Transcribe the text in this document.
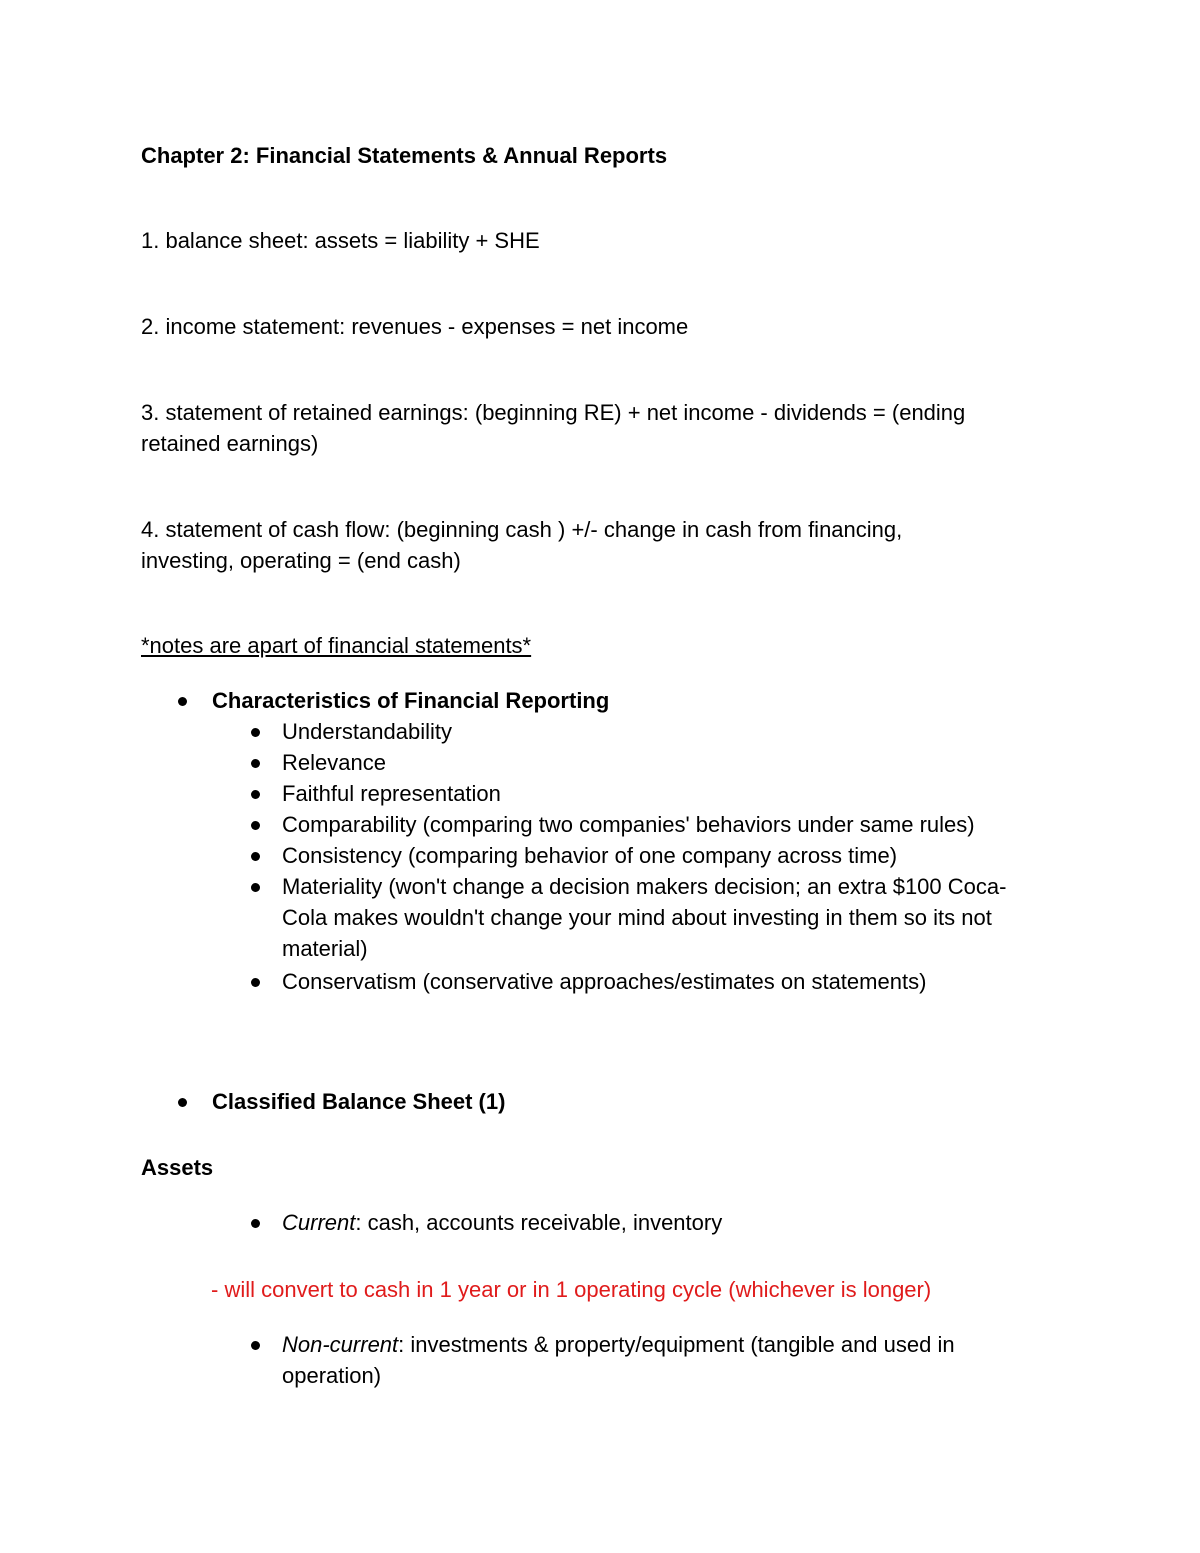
Chapter 2: Financial Statements & Annual Reports
1. balance sheet: assets = liability + SHE
2. income statement: revenues - expenses = net income
3. statement of retained earnings: (beginning RE) + net income - dividends = (ending retained earnings)
4. statement of cash flow: (beginning cash ) +/- change in cash from financing, investing, operating = (end cash)
*notes are apart of financial statements*
Characteristics of Financial Reporting
Understandability
Relevance
Faithful representation
Comparability (comparing two companies' behaviors under same rules)
Consistency (comparing behavior of one company across time)
Materiality (won't change a decision makers decision; an extra $100 Coca-Cola makes wouldn't change your mind about investing in them so its not material)
Conservatism (conservative approaches/estimates on statements)
Classified Balance Sheet (1)
Assets
Current: cash, accounts receivable, inventory
- will convert to cash in 1 year or in 1 operating cycle (whichever is longer)
Non-current: investments & property/equipment (tangible and used in operation)
